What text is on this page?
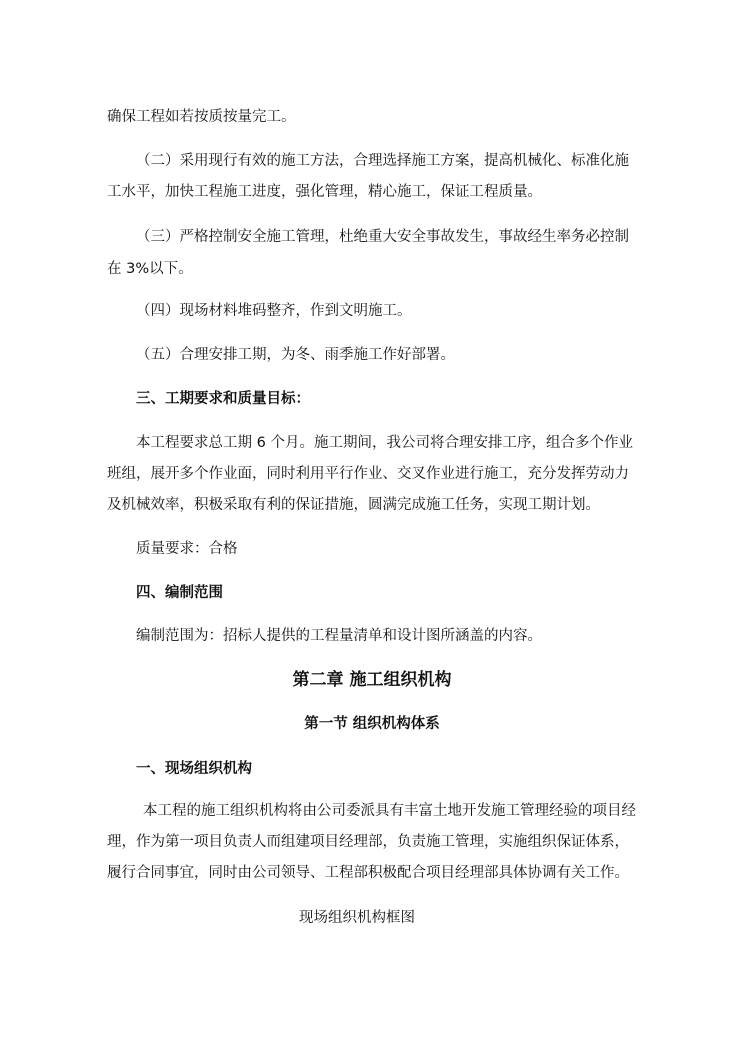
确保工程如若按质按量完工。
（二）采用现行有效的施工方法，合理选择施工方案，提高机械化、标准化施
工水平，加快工程施工进度，强化管理，精心施工，保证工程质量。
（三）严格控制安全施工管理，杜绝重大安全事故发生，事故经生率务必控制
在 3%以下。
（四）现场材料堆码整齐，作到文明施工。
（五）合理安排工期，为冬、雨季施工作好部署。
三、工期要求和质量目标：
本工程要求总工期 6 个月。施工期间，我公司将合理安排工序，组合多个作业
班组，展开多个作业面，同时利用平行作业、交叉作业进行施工，充分发挥劳动力
及机械效率，积极采取有利的保证措施，圆满完成施工任务，实现工期计划。
质量要求：合格
四、编制范围
编制范围为：招标人提供的工程量清单和设计图所涵盖的内容。
第二章 施工组织机构
第一节 组织机构体系
一、现场组织机构
本工程的施工组织机构将由公司委派具有丰富土地开发施工管理经验的项目经
理，作为第一项目负责人而组建项目经理部，负责施工管理，实施组织保证体系，
履行合同事宜，同时由公司领导、工程部积极配合项目经理部具体协调有关工作。
现场组织机构框图
